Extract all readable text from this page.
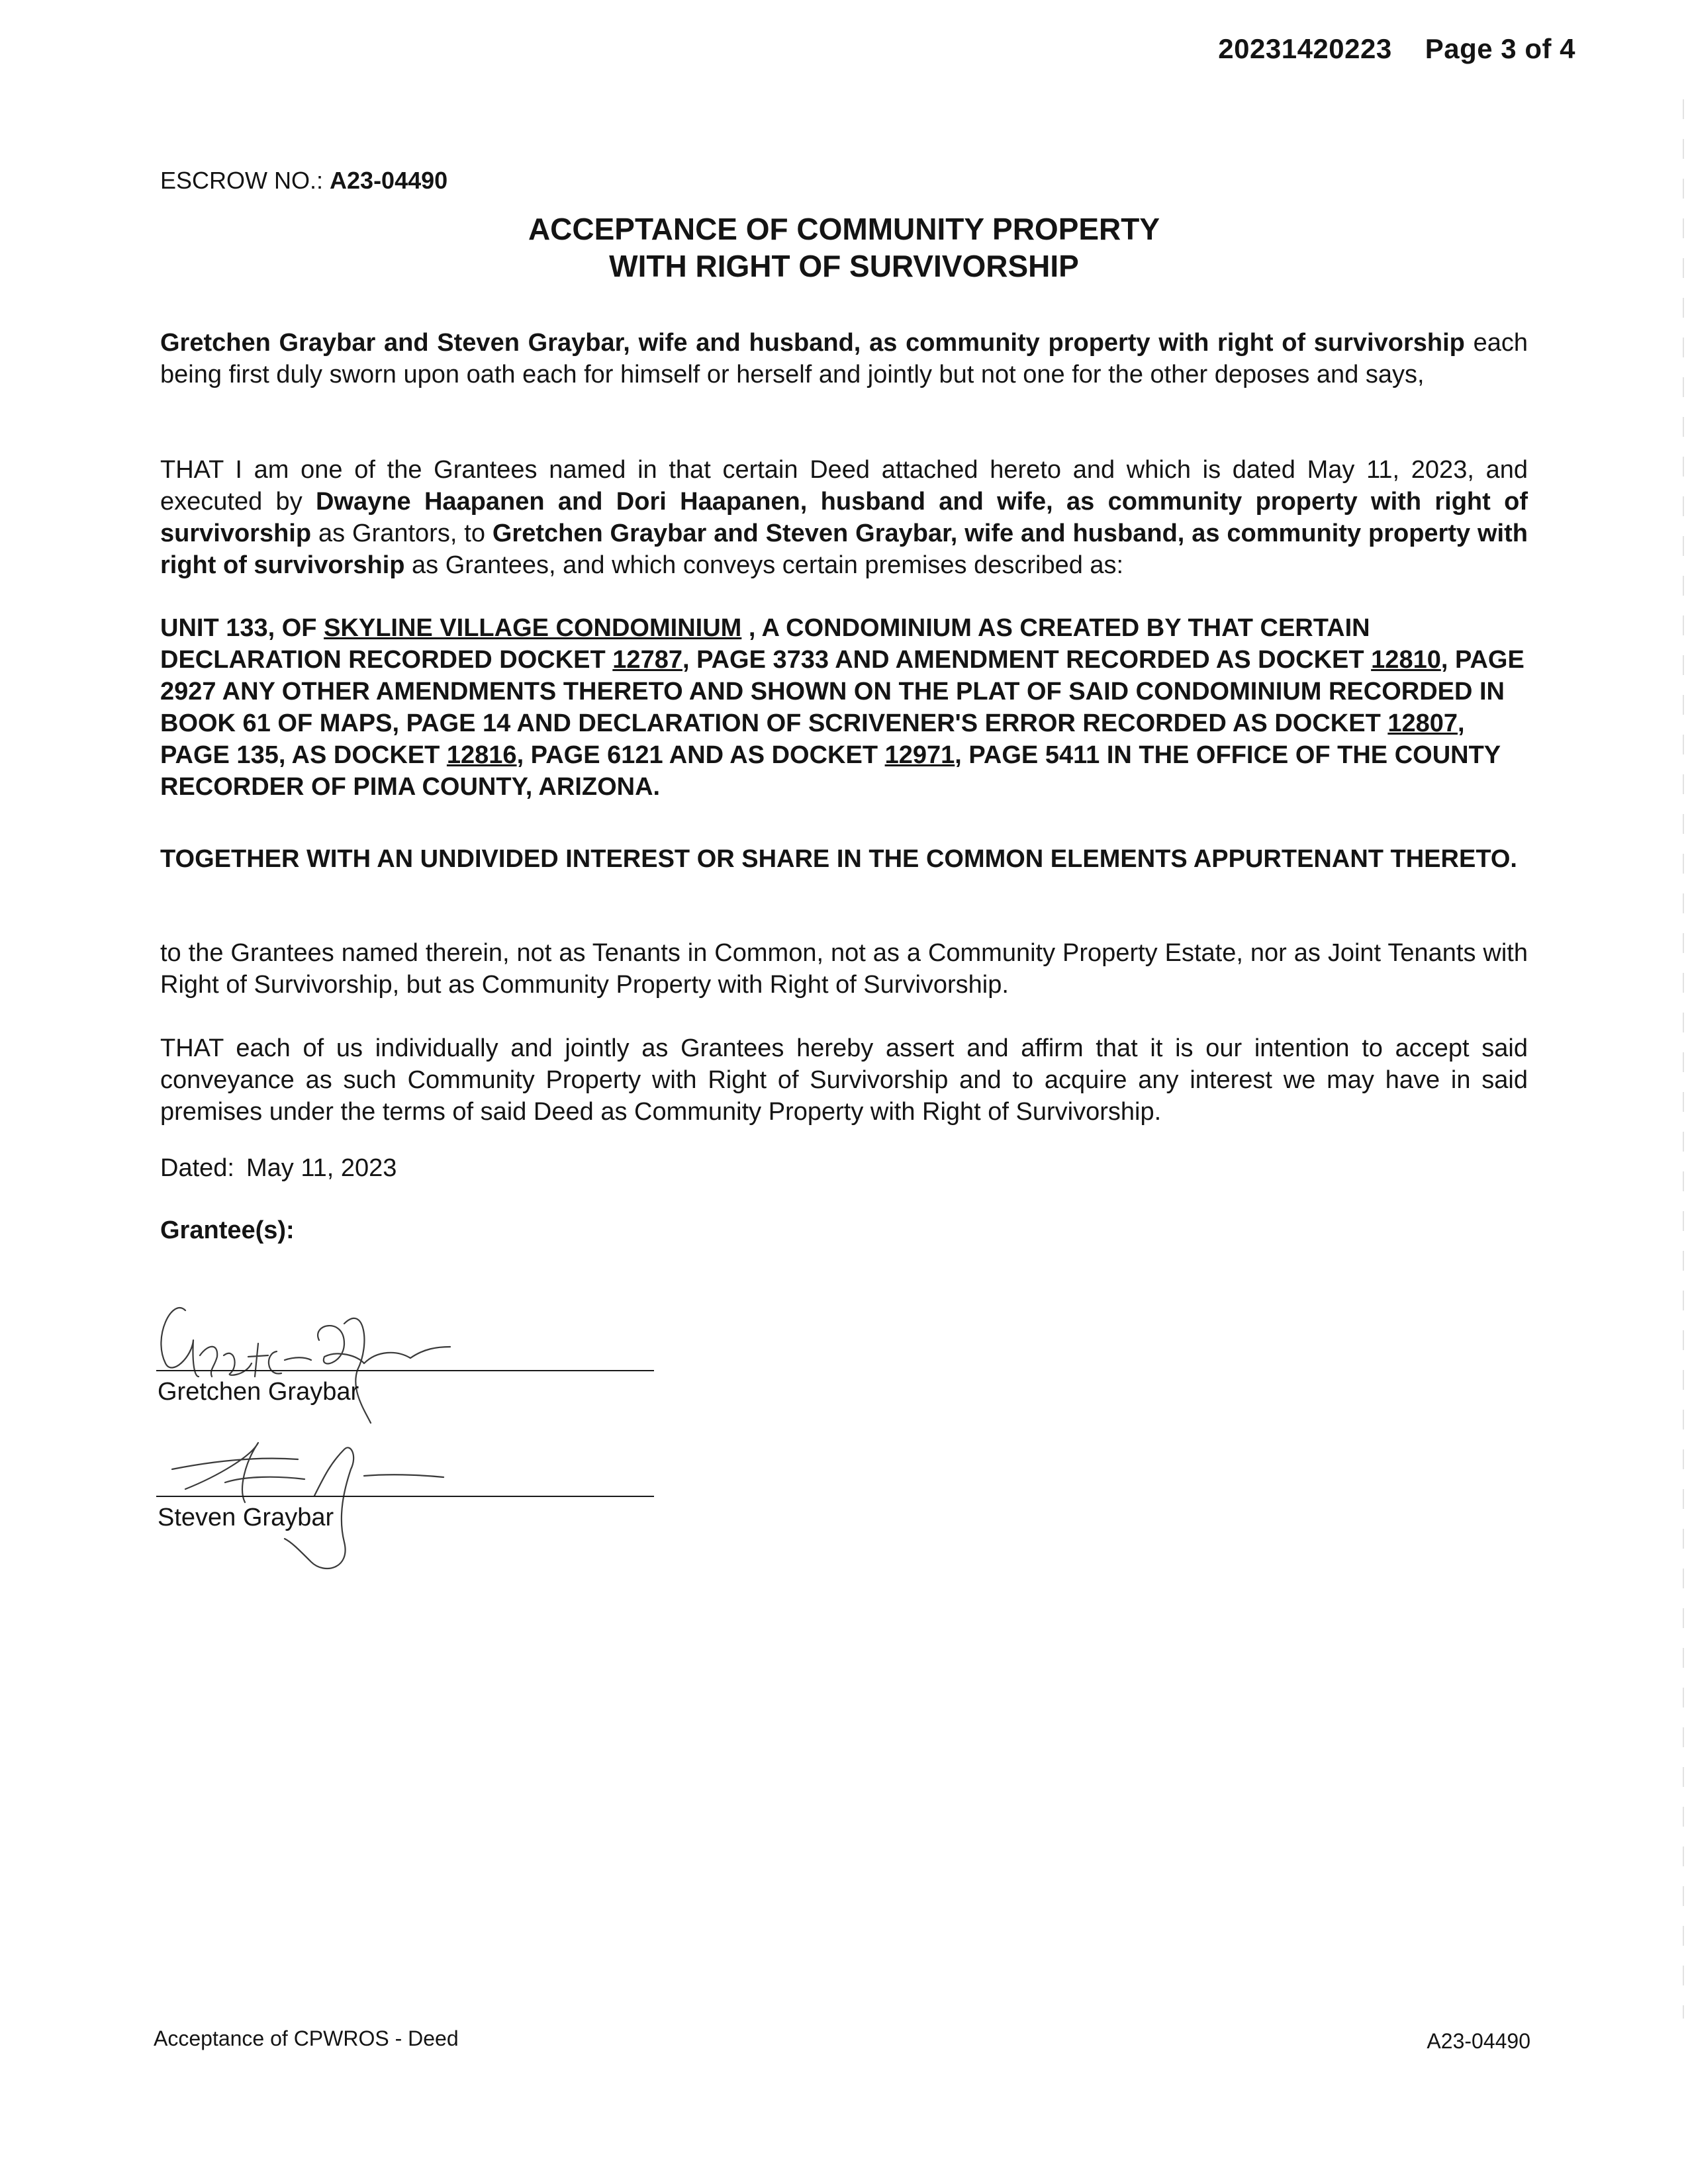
20231420223 Page 3 of 4
ESCROW NO.: A23-04490
ACCEPTANCE OF COMMUNITY PROPERTY
WITH RIGHT OF SURVIVORSHIP
Gretchen Graybar and Steven Graybar, wife and husband, as community property with right of survivorship each being first duly sworn upon oath each for himself or herself and jointly but not one for the other deposes and says,
THAT I am one of the Grantees named in that certain Deed attached hereto and which is dated May 11, 2023, and executed by Dwayne Haapanen and Dori Haapanen, husband and wife, as community property with right of survivorship as Grantors, to Gretchen Graybar and Steven Graybar, wife and husband, as community property with right of survivorship as Grantees, and which conveys certain premises described as:
UNIT 133, OF SKYLINE VILLAGE CONDOMINIUM , A CONDOMINIUM AS CREATED BY THAT CERTAIN DECLARATION RECORDED DOCKET 12787, PAGE 3733 AND AMENDMENT RECORDED AS DOCKET 12810, PAGE 2927 ANY OTHER AMENDMENTS THERETO AND SHOWN ON THE PLAT OF SAID CONDOMINIUM RECORDED IN BOOK 61 OF MAPS, PAGE 14 AND DECLARATION OF SCRIVENER'S ERROR RECORDED AS DOCKET 12807, PAGE 135, AS DOCKET 12816, PAGE 6121 AND AS DOCKET 12971, PAGE 5411 IN THE OFFICE OF THE COUNTY RECORDER OF PIMA COUNTY, ARIZONA.
TOGETHER WITH AN UNDIVIDED INTEREST OR SHARE IN THE COMMON ELEMENTS APPURTENANT THERETO.
to the Grantees named therein, not as Tenants in Common, not as a Community Property Estate, nor as Joint Tenants with Right of Survivorship, but as Community Property with Right of Survivorship.
THAT each of us individually and jointly as Grantees hereby assert and affirm that it is our intention to accept said conveyance as such Community Property with Right of Survivorship and to acquire any interest we may have in said premises under the terms of said Deed as Community Property with Right of Survivorship.
Dated: May 11, 2023
Grantee(s):
Gretchen Graybar
Steven Graybar
Acceptance of CPWROS - Deed	A23-04490
